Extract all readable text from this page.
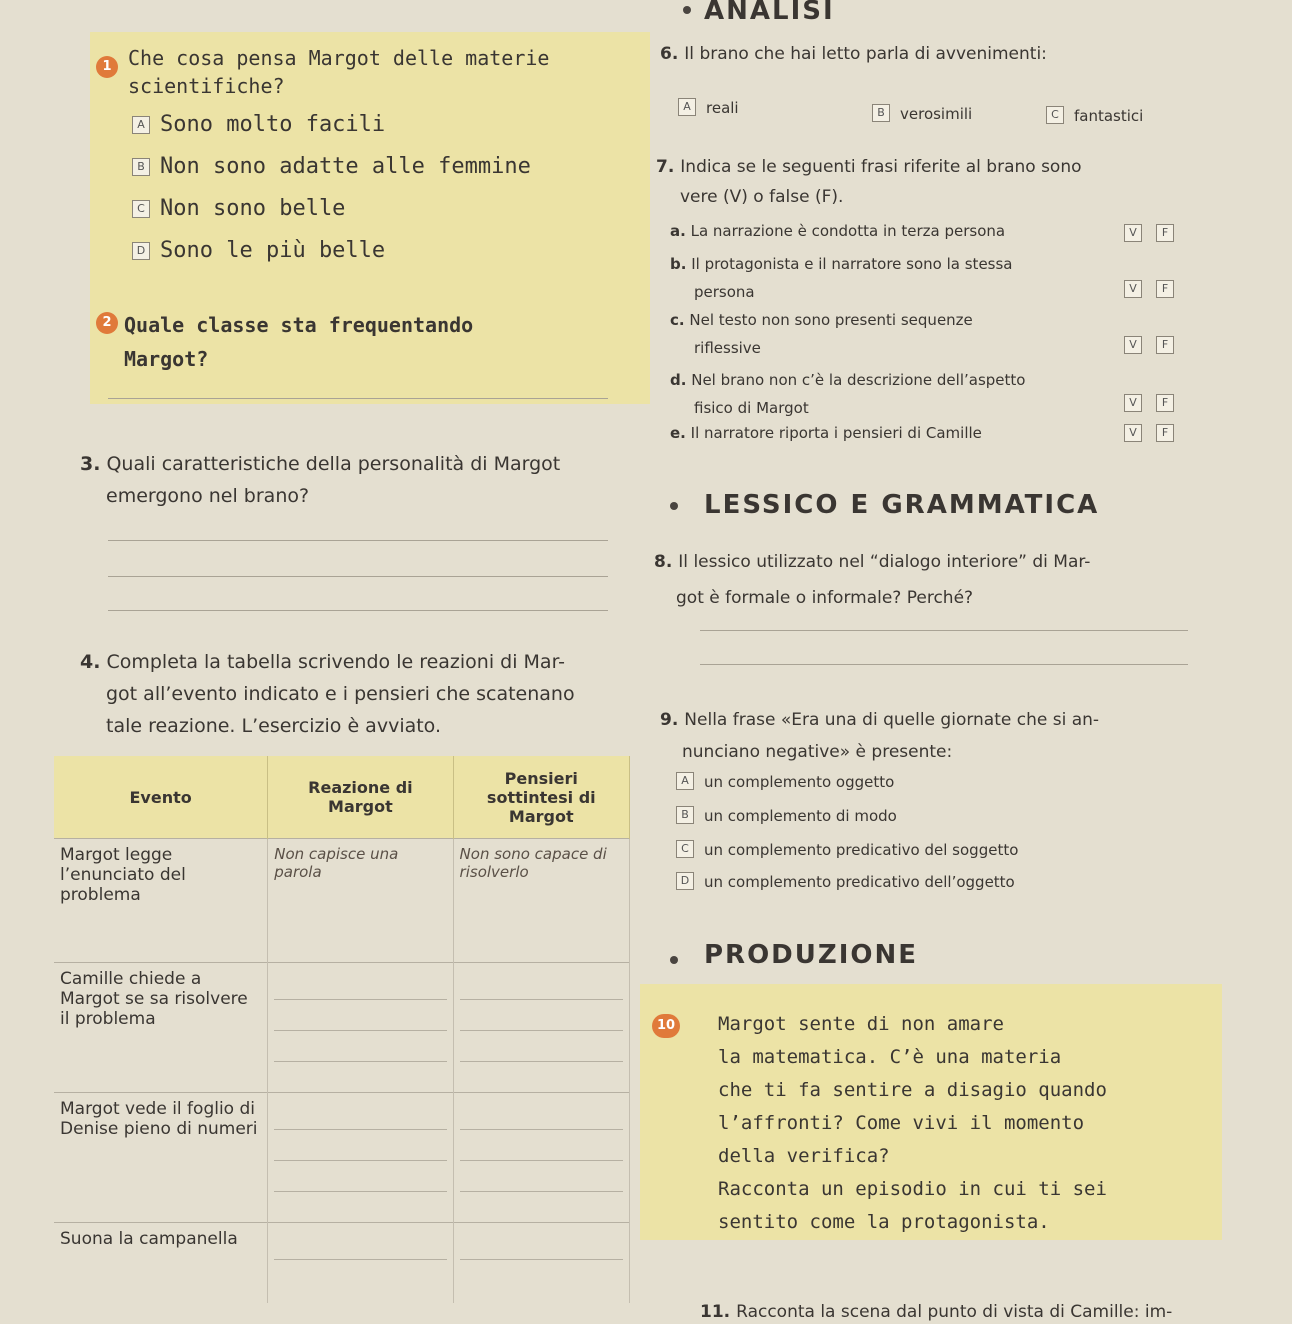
ANALISI
1 Che cosa pensa Margot delle materie
scientifiche?
A Sono molto facili
B Non sono adatte alle femmine
C Non sono belle
D Sono le più belle
2 Quale classe sta frequentando
Margot?
3. Quali caratteristiche della personalità di Margot
emergono nel brano?
4. Completa la tabella scrivendo le reazioni di Mar-
got all’evento indicato e i pensieri che scatenano
tale reazione. L’esercizio è avviato.
Evento	Reazione di Margot	Pensieri sottintesi di Margot
Margot legge l’enunciato del problema	Non capisce una parola	Non sono capace di risolverlo
Camille chiede a Margot se sa risolvere il problema	

Margot vede il foglio di Denise pieno di numeri	

Suona la campanella	

6. Il brano che hai letto parla di avvenimenti:
A reali	B verosimili	C fantastici
7. Indica se le seguenti frasi riferite al brano sono
vere (V) o false (F).
a. La narrazione è condotta in terza persona	V	F
b. Il protagonista e il narratore sono la stessa
persona	V	F
c. Nel testo non sono presenti sequenze
riflessive	V	F
d. Nel brano non c’è la descrizione dell’aspetto
fisico di Margot	V	F
e. Il narratore riporta i pensieri di Camille	V	F
LESSICO E GRAMMATICA
8. Il lessico utilizzato nel “dialogo interiore” di Mar-
got è formale o informale? Perché?
9. Nella frase «Era una di quelle giornate che si an-
nunciano negative» è presente:
A un complemento oggetto
B un complemento di modo
C un complemento predicativo del soggetto
D un complemento predicativo dell’oggetto
PRODUZIONE
10 Margot sente di non amare
la matematica. C’è una materia
che ti fa sentire a disagio quando
l’affronti? Come vivi il momento
della verifica?
Racconta un episodio in cui ti sei
sentito come la protagonista.
11. Racconta la scena dal punto di vista di Camille: im-
